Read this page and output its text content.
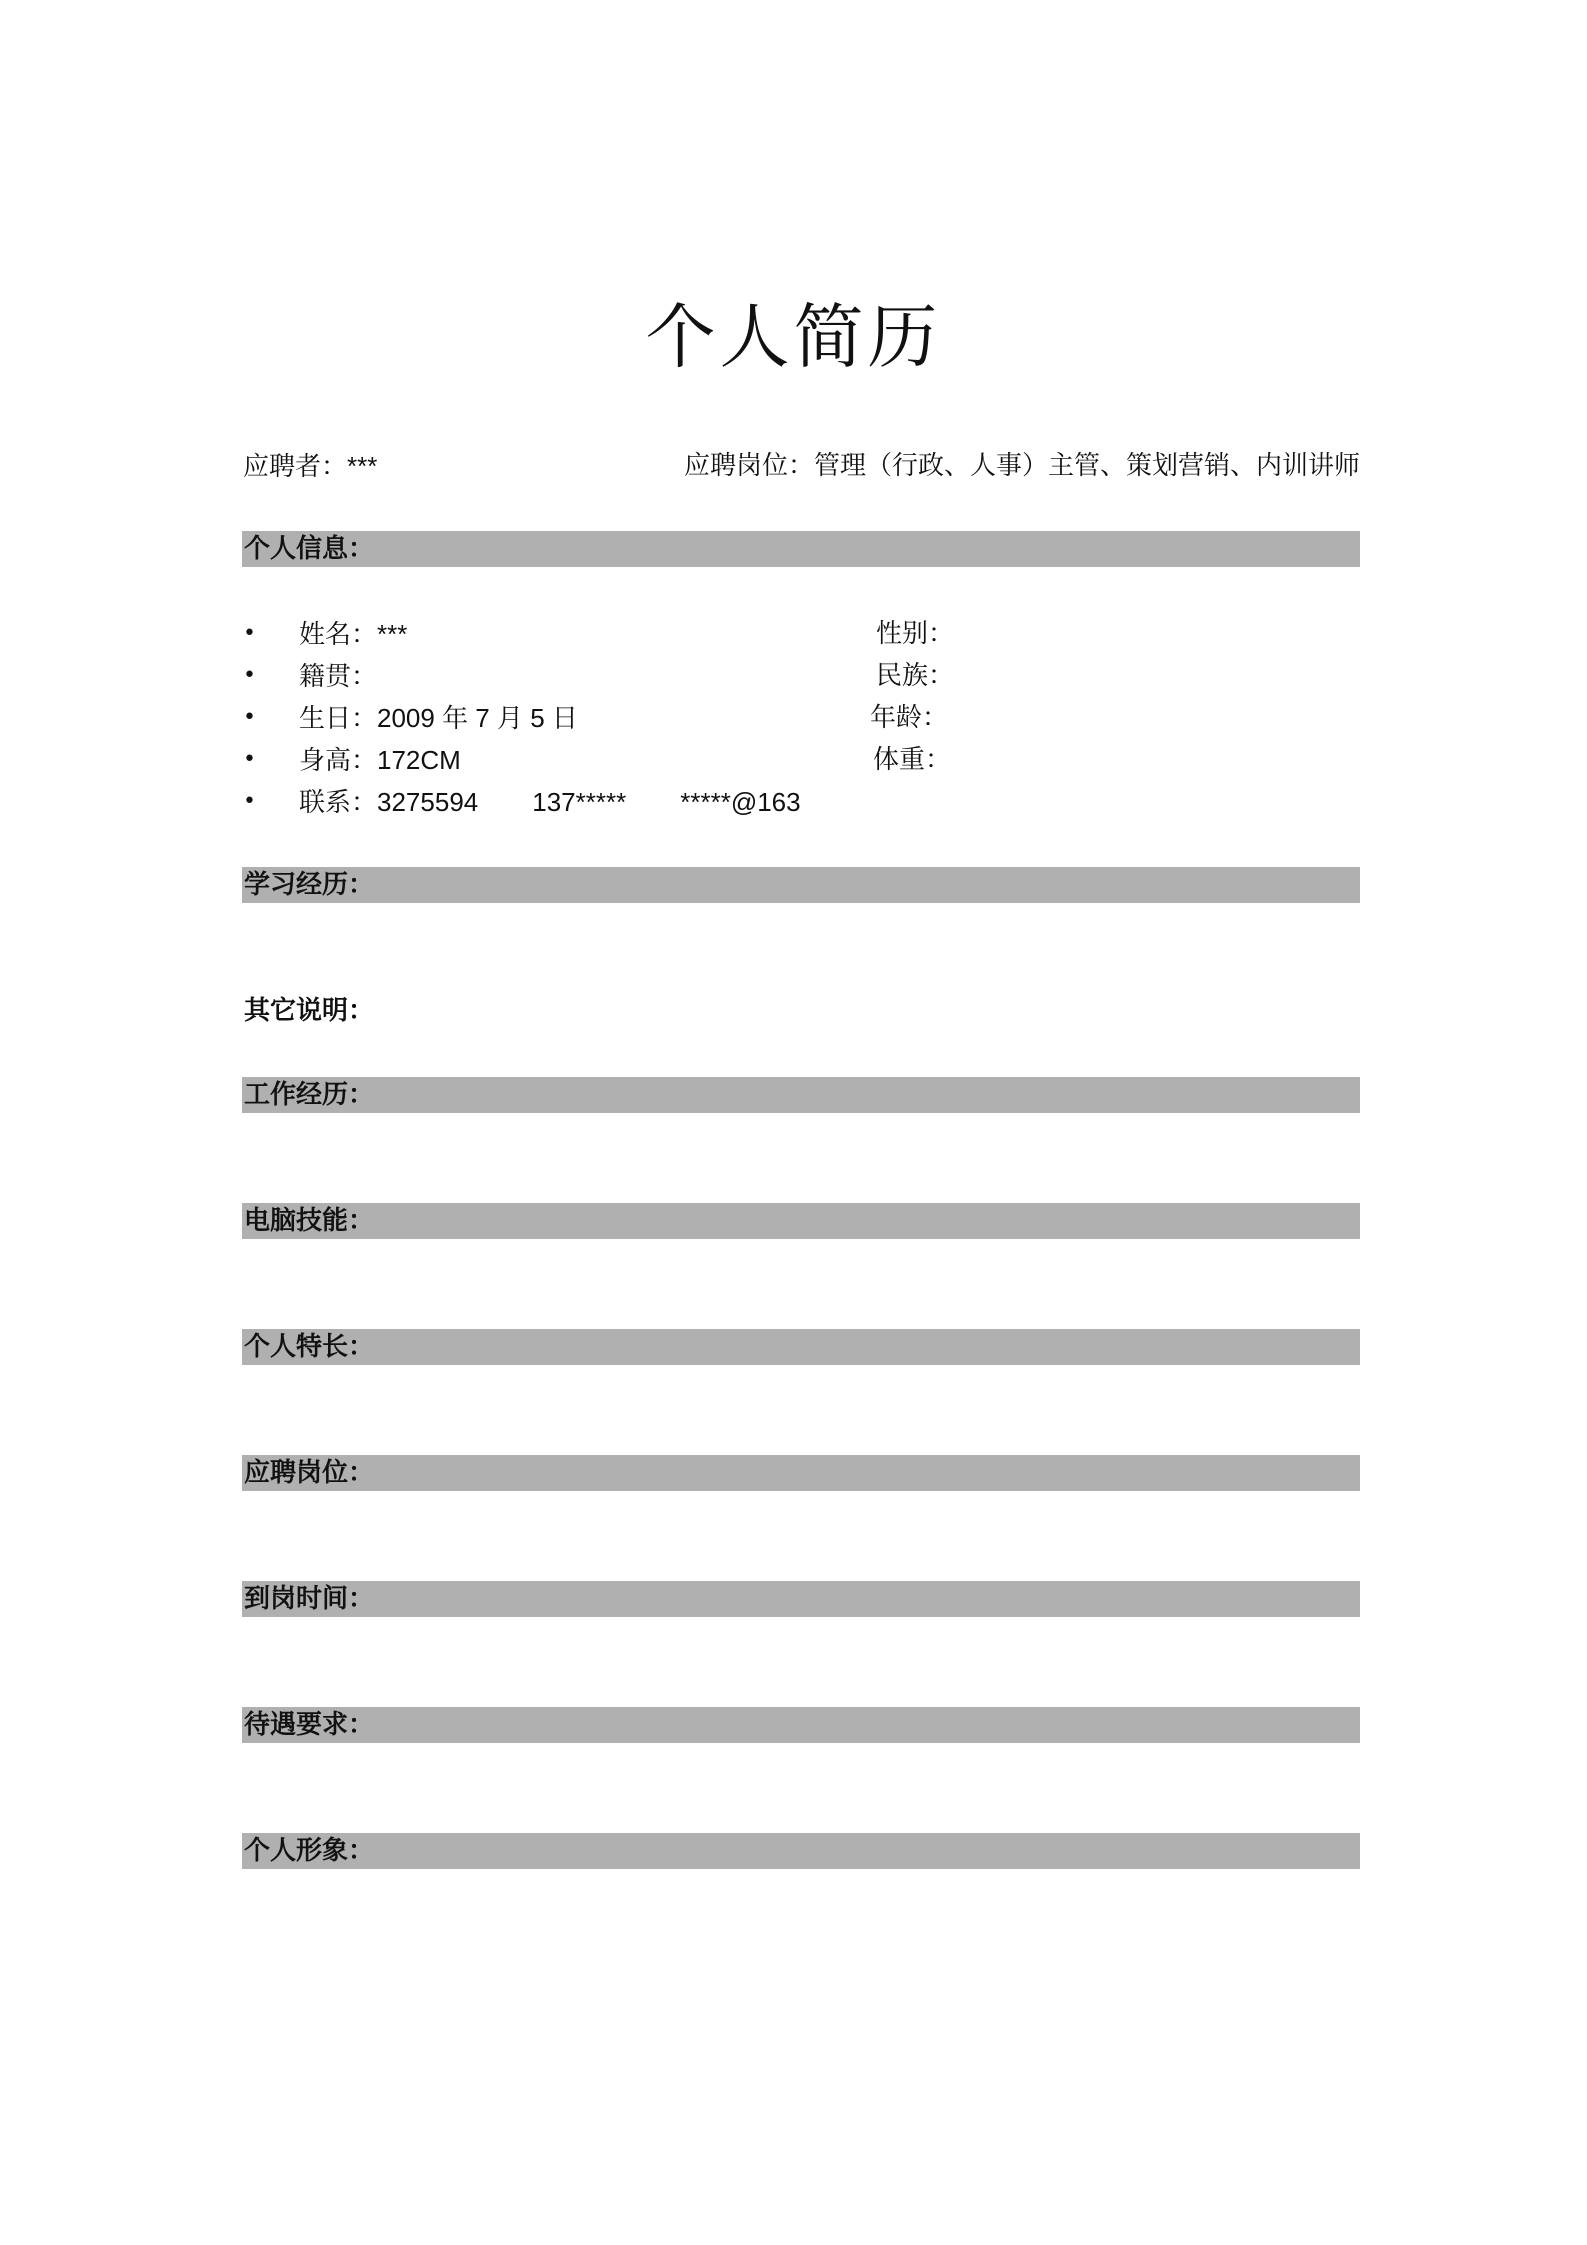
个人简历
应聘者：***	应聘岗位：管理（行政、人事）主管、策划营销、内训讲师
个人信息：
• 姓名：***	性别：
• 籍贯：	民族：
• 生日：2009 年 7 月 5 日	年龄：
• 身高：172CM	体重：
• 联系：3275594 137***** *****@163
学习经历：
其它说明：
工作经历：
电脑技能：
个人特长：
应聘岗位：
到岗时间：
待遇要求：
个人形象：
